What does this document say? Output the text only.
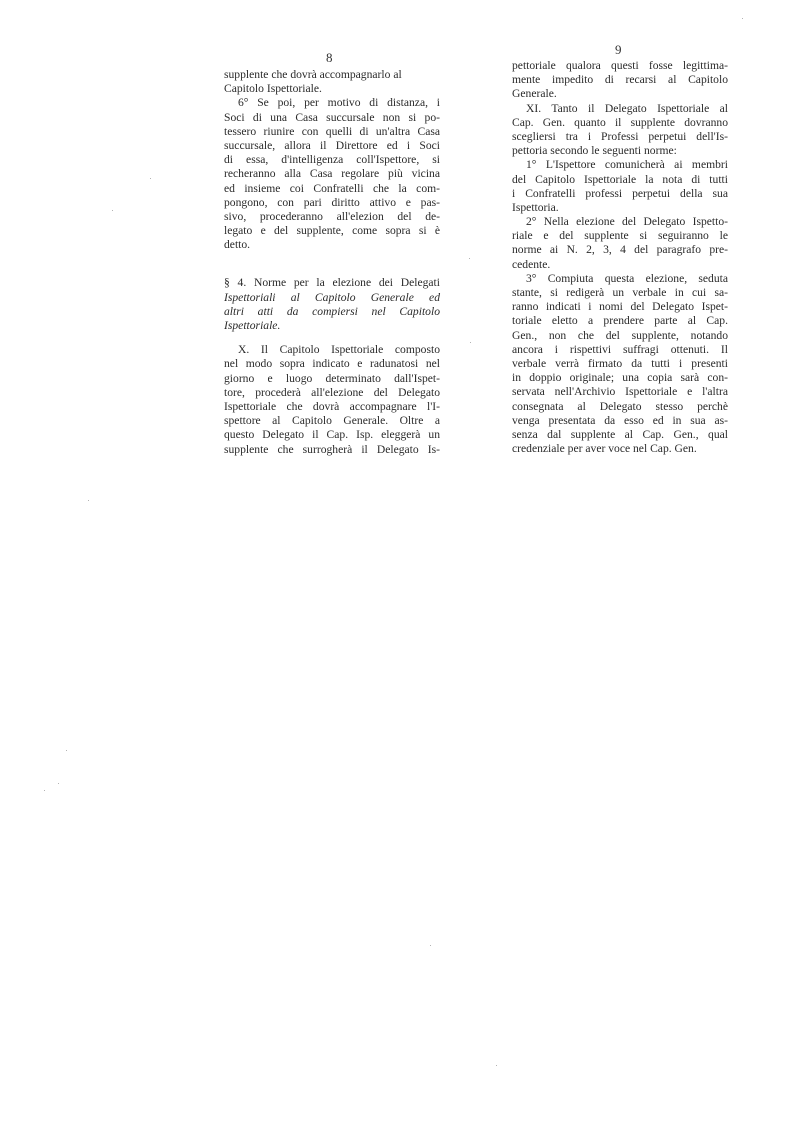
8
9
supplente che dovrà accompagnarlo al
Capitolo Ispettoriale.
6° Se poi, per motivo di distanza, i
Soci di una Casa succursale non si po-
tessero riunire con quelli di un'altra Casa
succursale, allora il Direttore ed i Soci
di essa, d'intelligenza coll'Ispettore, si
recheranno alla Casa regolare più vicina
ed insieme coi Confratelli che la com-
pongono, con pari diritto attivo e pas-
sivo, procederanno all'elezion del de-
legato e del supplente, come sopra si è
detto.
§ 4. Norme per la elezione dei Delegati
Ispettoriali al Capitolo Generale ed
altri atti da compiersi nel Capitolo
Ispettoriale.
X. Il Capitolo Ispettoriale composto
nel modo sopra indicato e radunatosi nel
giorno e luogo determinato dall'Ispet-
tore, procederà all'elezione del Delegato
Ispettoriale che dovrà accompagnare l'I-
spettore al Capitolo Generale. Oltre a
questo Delegato il Cap. Isp. eleggerà un
supplente che surrogherà il Delegato Is-
pettoriale qualora questi fosse legittima-
mente impedito di recarsi al Capitolo
Generale.
XI. Tanto il Delegato Ispettoriale al
Cap. Gen. quanto il supplente dovranno
scegliersi tra i Professi perpetui dell'Is-
pettoria secondo le seguenti norme:
1° L'Ispettore comunicherà ai membri
del Capitolo Ispettoriale la nota di tutti
i Confratelli professi perpetui della sua
Ispettoria.
2° Nella elezione del Delegato Ispetto-
riale e del supplente si seguiranno le
norme ai N. 2, 3, 4 del paragrafo pre-
cedente.
3° Compiuta questa elezione, seduta
stante, si redigerà un verbale in cui sa-
ranno indicati i nomi del Delegato Ispet-
toriale eletto a prendere parte al Cap.
Gen., non che del supplente, notando
ancora i rispettivi suffragi ottenuti. Il
verbale verrà firmato da tutti i presenti
in doppio originale; una copia sarà con-
servata nell'Archivio Ispettoriale e l'altra
consegnata al Delegato stesso perchè
venga presentata da esso ed in sua as-
senza dal supplente al Cap. Gen., qual
credenziale per aver voce nel Cap. Gen.
